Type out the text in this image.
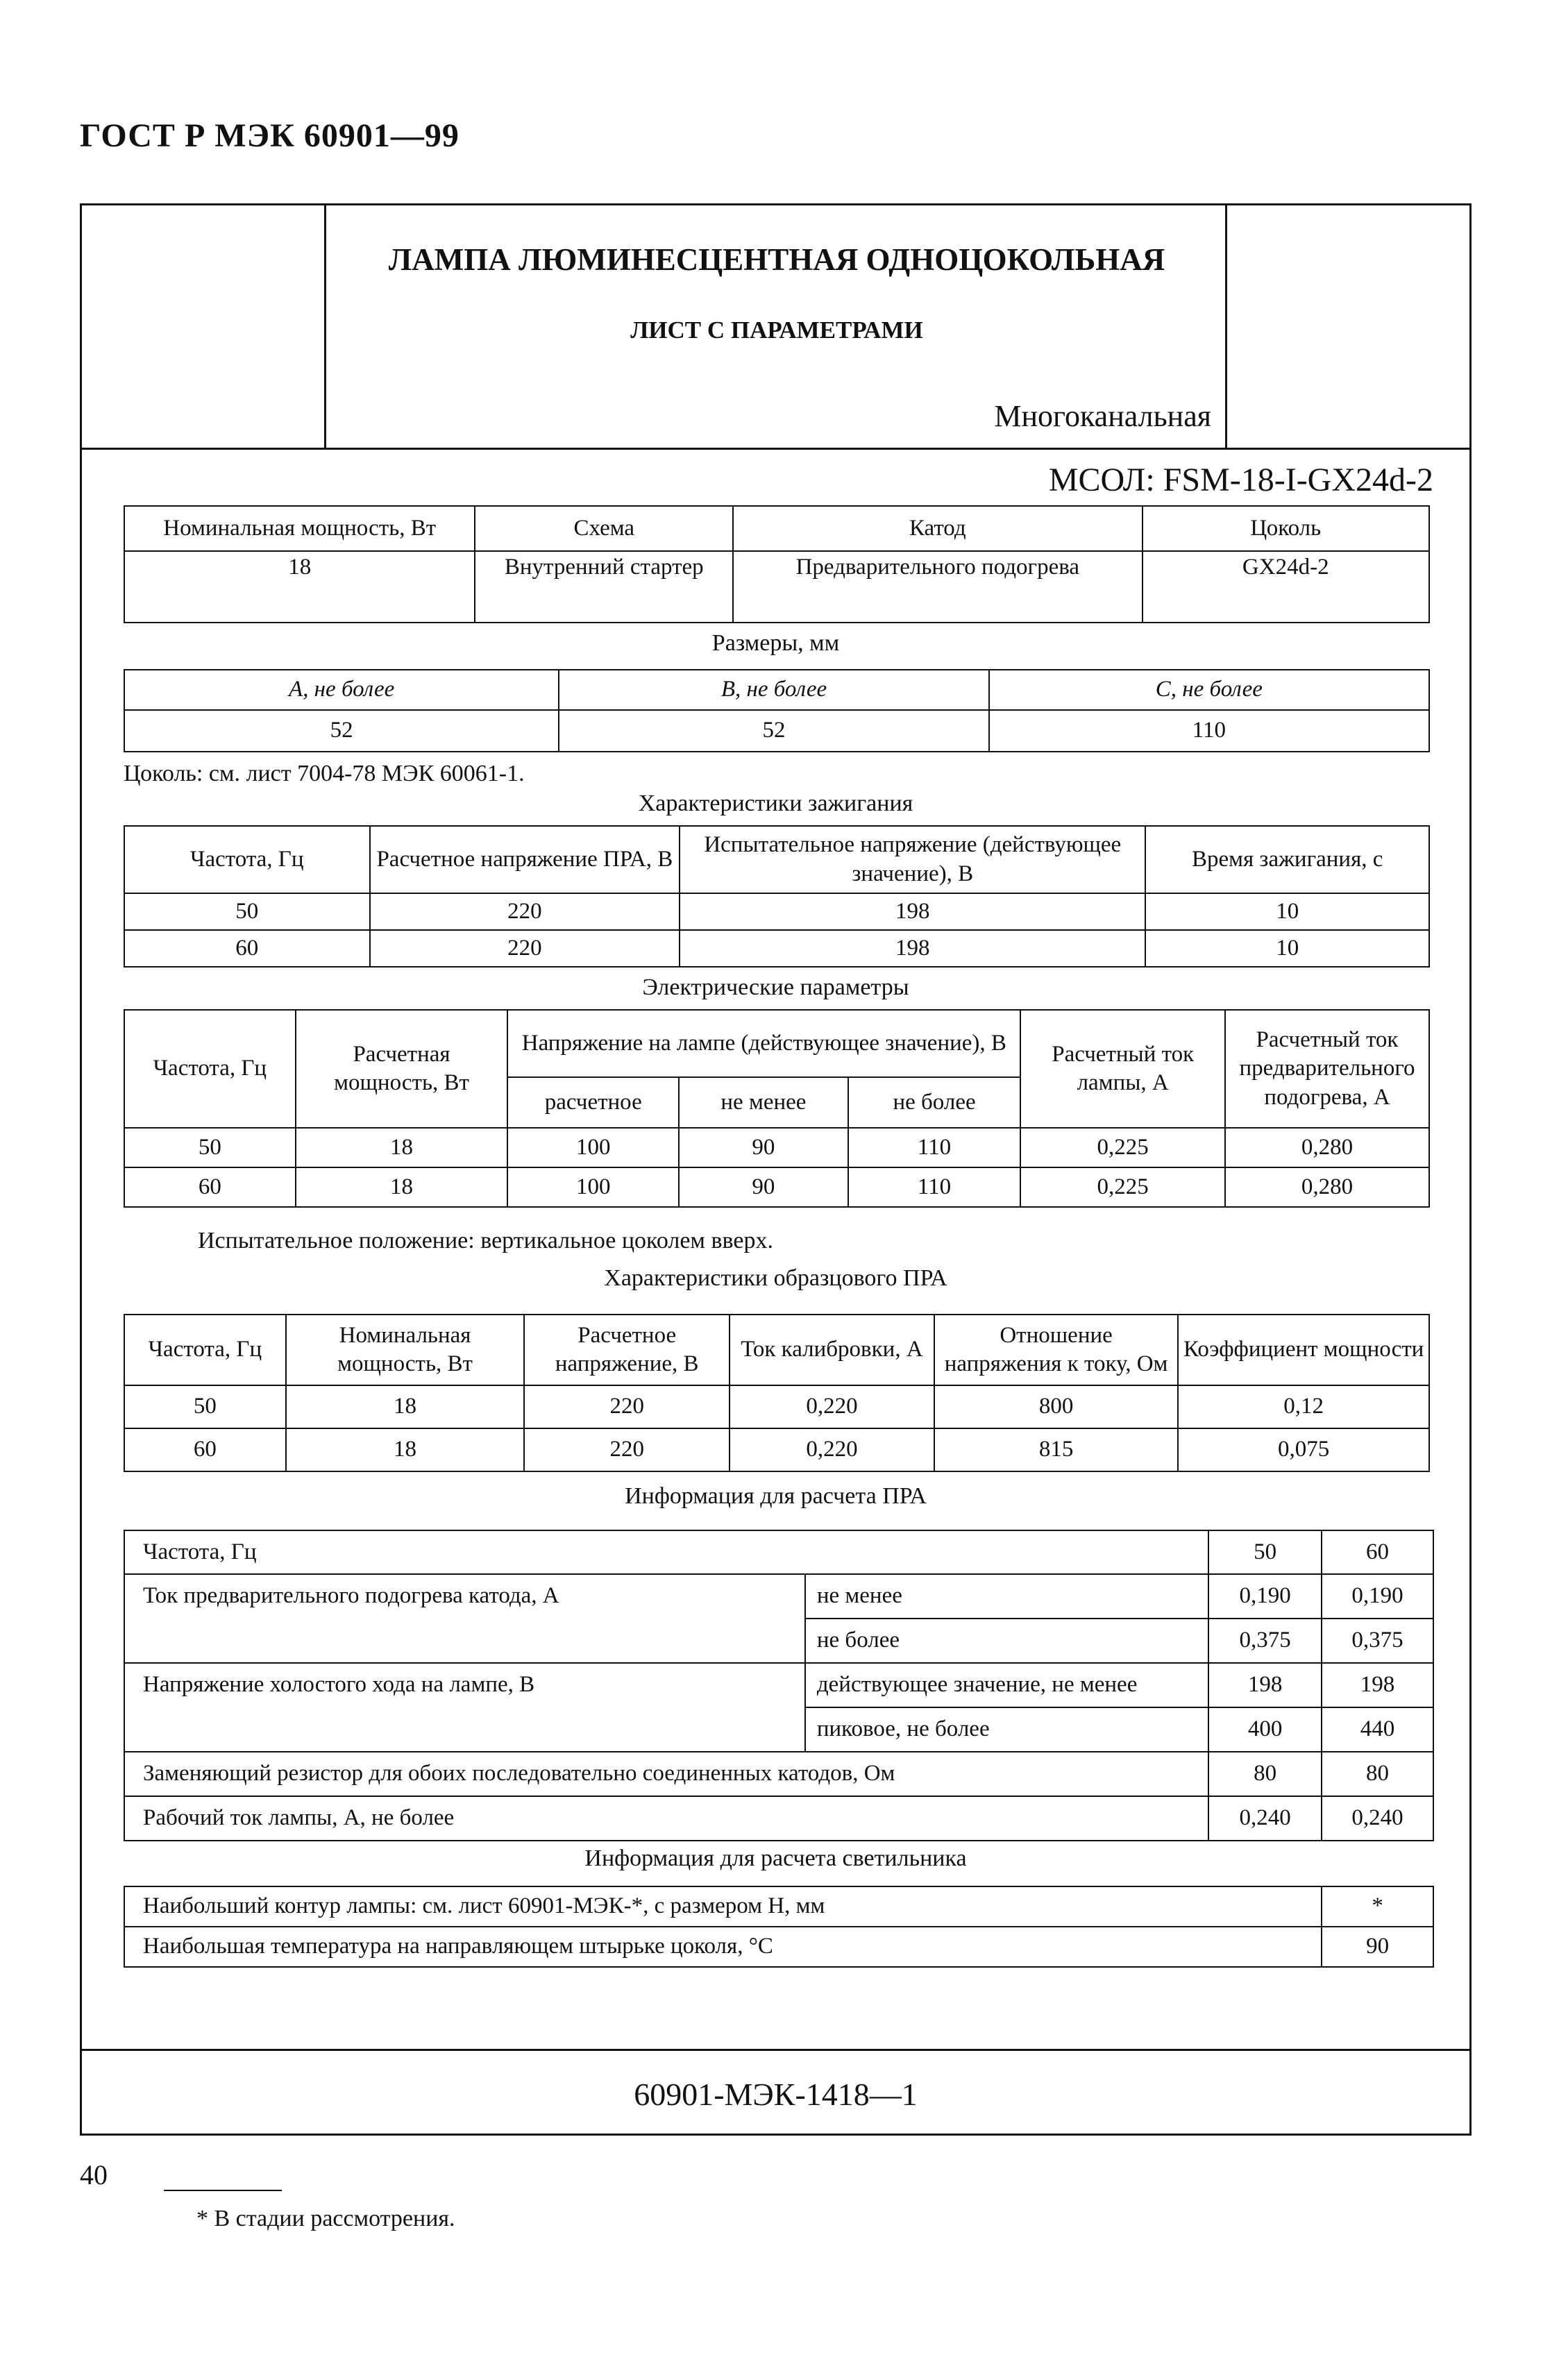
ГОСТ Р МЭК 60901—99
ЛАМПА ЛЮМИНЕСЦЕНТНАЯ ОДНОЦОКОЛЬНАЯ
ЛИСТ С ПАРАМЕТРАМИ
Многоканальная
МСОЛ: FSM-18-I-GX24d-2
Номинальная мощность, Вт	Схема	Катод	Цоколь
18	Внутренний стартер	Предварительного подогрева	GX24d-2
Размеры, мм
A, не более	B, не более	C, не более
52	52	110
Цоколь: см. лист 7004-78 МЭК 60061-1.
Характеристики зажигания
Частота, Гц	Расчетное напряжение ПРА, В	Испытательное напряжение (действующее значение), В	Время зажигания, с
50	220	198	10
60	220	198	10
Электрические параметры
Частота, Гц	Расчетная мощность, Вт	Напряжение на лампе (действующее значение), В			Расчетный ток лампы, А	Расчетный ток предварительного подогрева, А
		расчетное	не менее	не более		
50	18	100	90	110	0,225	0,280
60	18	100	90	110	0,225	0,280
Испытательное положение: вертикальное цоколем вверх.
Характеристики образцового ПРА
Частота, Гц	Номинальная мощность, Вт	Расчетное напряжение, В	Ток калибровки, А	Отношение напряжения к току, Ом	Коэффициент мощности
50	18	220	0,220	800	0,12
60	18	220	0,220	815	0,075
Информация для расчета ПРА
Частота, Гц		50	60
Ток предварительного подогрева катода, А	не менее	0,190	0,190
	не более	0,375	0,375
Напряжение холостого хода на лампе, В	действующее значение, не менее	198	198
	пиковое, не более	400	440
Заменяющий резистор для обоих последовательно соединенных катодов, Ом		80	80
Рабочий ток лампы, А, не более		0,240	0,240
Информация для расчета светильника
Наибольший контур лампы: см. лист 60901-МЭК-*, с размером H, мм	*
Наибольшая температура на направляющем штырьке цоколя, °С	90
* В стадии рассмотрения.
60901-МЭК-1418—1
40
